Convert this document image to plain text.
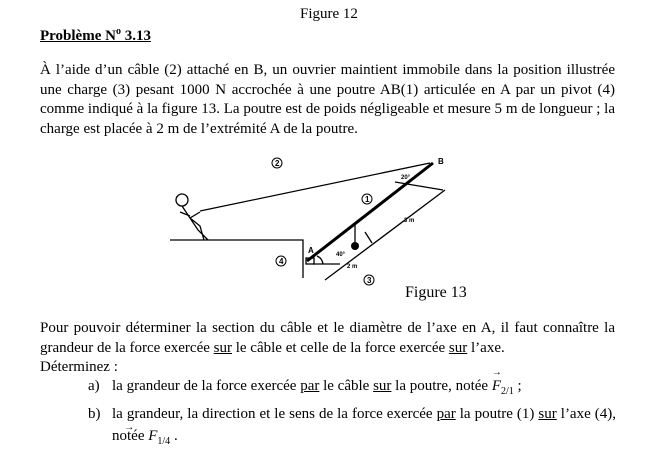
Figure 12
Problème $N^o$ 3.13

À l’aide d’un câble (2) attaché en B, un ouvrier maintient immobile dans la position illustrée une charge (3) pesant 1000 N accrochée à une poutre AB(1) articulée en A par un pivot (4) comme indiqué à la figure 13. La poutre est de poids négligeable et mesure 5 m de longueur ; la charge est placée à 2 m de l’extrémité A de la poutre.

2
1
3
4
A
B
20°
40°
3 m
2 m
Figure 13

Pour pouvoir déterminer la section du câble et le diamètre de l’axe en A, il faut connaître la grandeur de la force exercée sur le câble et celle de la force exercée sur l’axe.
Déterminez :

a) la grandeur de la force exercée par le câble sur la poutre, notée → $F_{2/1}$ ;
b) la grandeur, la direction et le sens de la force exercée par la poutre (1) sur l’axe (4), notée → $F_{1/4}$ .
